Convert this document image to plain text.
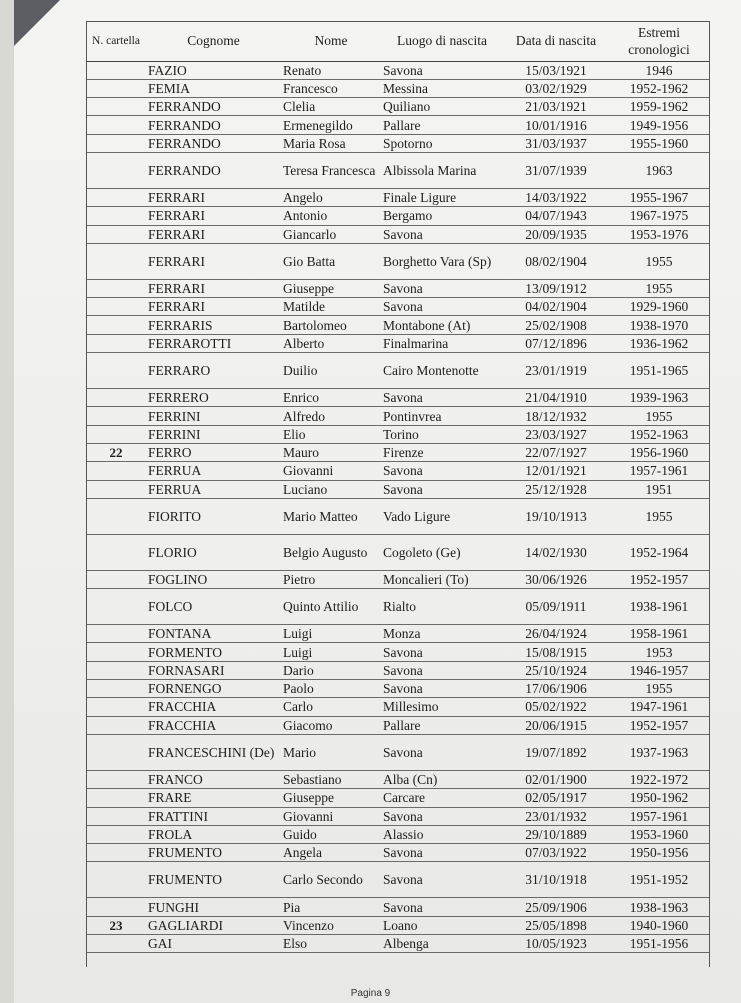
N. cartella	Cognome	Nome	Luogo di nascita	Data di nascita	Estremi cronologici
	FAZIO	Renato	Savona	15/03/1921	1946
	FEMIA	Francesco	Messina	03/02/1929	1952-1962
	FERRANDO	Clelia	Quiliano	21/03/1921	1959-1962
	FERRANDO	Ermenegildo	Pallare	10/01/1916	1949-1956
	FERRANDO	Maria Rosa	Spotorno	31/03/1937	1955-1960
	FERRANDO	Teresa Francesca	Albissola Marina	31/07/1939	1963
	FERRARI	Angelo	Finale Ligure	14/03/1922	1955-1967
	FERRARI	Antonio	Bergamo	04/07/1943	1967-1975
	FERRARI	Giancarlo	Savona	20/09/1935	1953-1976
	FERRARI	Gio Batta	Borghetto Vara (Sp)	08/02/1904	1955
	FERRARI	Giuseppe	Savona	13/09/1912	1955
	FERRARI	Matilde	Savona	04/02/1904	1929-1960
	FERRARIS	Bartolomeo	Montabone (At)	25/02/1908	1938-1970
	FERRAROTTI	Alberto	Finalmarina	07/12/1896	1936-1962
	FERRARO	Duilio	Cairo Montenotte	23/01/1919	1951-1965
	FERRERO	Enrico	Savona	21/04/1910	1939-1963
	FERRINI	Alfredo	Pontinvrea	18/12/1932	1955
	FERRINI	Elio	Torino	23/03/1927	1952-1963
22	FERRO	Mauro	Firenze	22/07/1927	1956-1960
	FERRUA	Giovanni	Savona	12/01/1921	1957-1961
	FERRUA	Luciano	Savona	25/12/1928	1951
	FIORITO	Mario Matteo	Vado Ligure	19/10/1913	1955
	FLORIO	Belgio Augusto	Cogoleto (Ge)	14/02/1930	1952-1964
	FOGLINO	Pietro	Moncalieri (To)	30/06/1926	1952-1957
	FOLCO	Quinto Attilio	Rialto	05/09/1911	1938-1961
	FONTANA	Luigi	Monza	26/04/1924	1958-1961
	FORMENTO	Luigi	Savona	15/08/1915	1953
	FORNASARI	Dario	Savona	25/10/1924	1946-1957
	FORNENGO	Paolo	Savona	17/06/1906	1955
	FRACCHIA	Carlo	Millesimo	05/02/1922	1947-1961
	FRACCHIA	Giacomo	Pallare	20/06/1915	1952-1957
	FRANCESCHINI (De)	Mario	Savona	19/07/1892	1937-1963
	FRANCO	Sebastiano	Alba (Cn)	02/01/1900	1922-1972
	FRARE	Giuseppe	Carcare	02/05/1917	1950-1962
	FRATTINI	Giovanni	Savona	23/01/1932	1957-1961
	FROLA	Guido	Alassio	29/10/1889	1953-1960
	FRUMENTO	Angela	Savona	07/03/1922	1950-1956
	FRUMENTO	Carlo Secondo	Savona	31/10/1918	1951-1952
	FUNGHI	Pia	Savona	25/09/1906	1938-1963
23	GAGLIARDI	Vincenzo	Loano	25/05/1898	1940-1960
	GAI	Elso	Albenga	10/05/1923	1951-1956
Pagina 9
